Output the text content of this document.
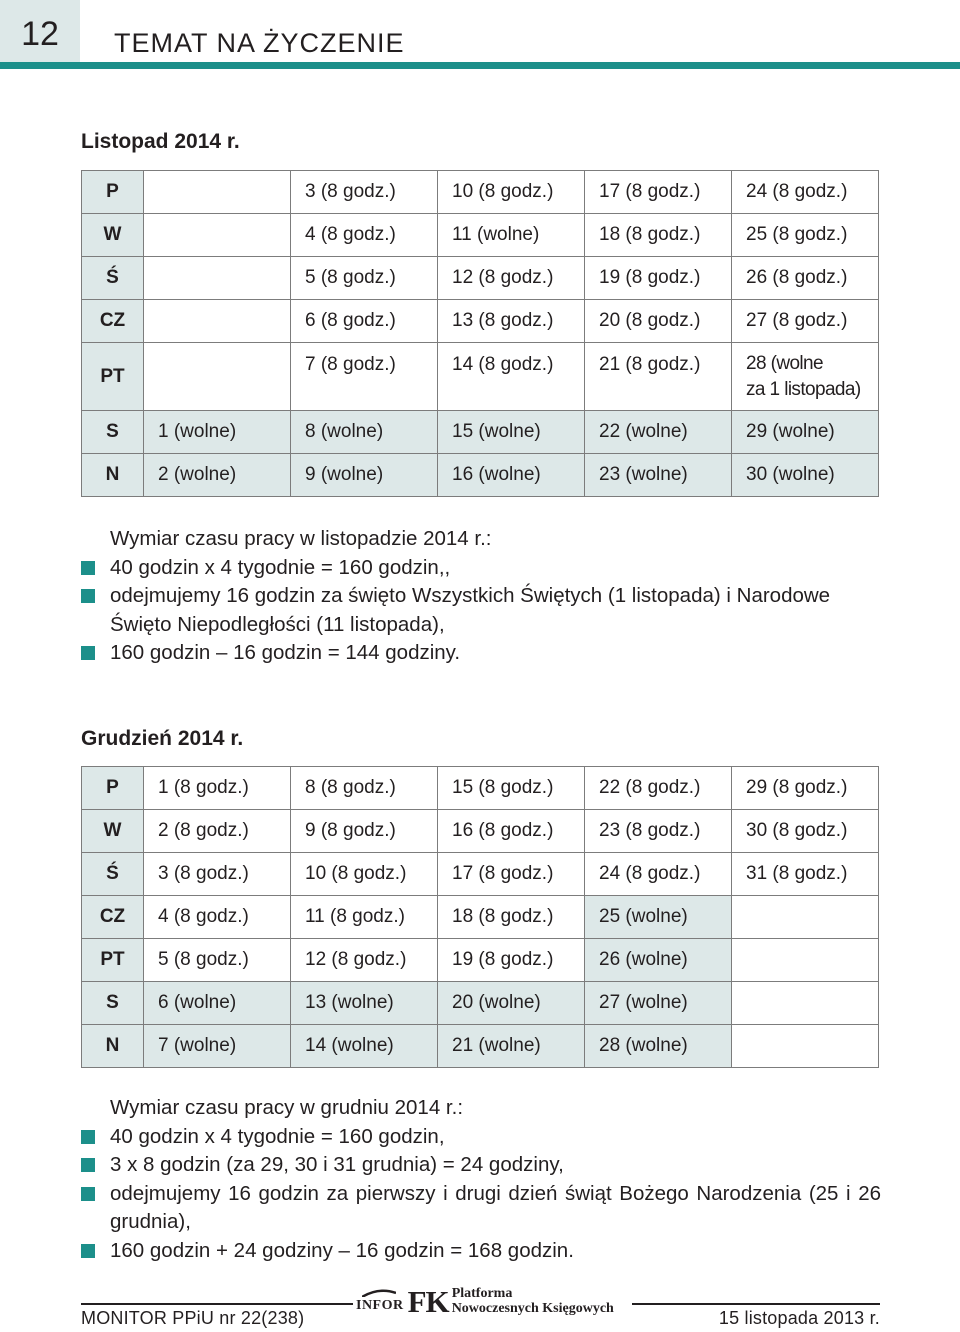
12	TEMAT NA ŻYCZENIE
Listopad 2014 r.
P		3 (8 godz.)	10 (8 godz.)	17 (8 godz.)	24 (8 godz.)
W		4 (8 godz.)	11 (wolne)	18 (8 godz.)	25 (8 godz.)
Ś		5 (8 godz.)	12 (8 godz.)	19 (8 godz.)	26 (8 godz.)
CZ		6 (8 godz.)	13 (8 godz.)	20 (8 godz.)	27 (8 godz.)
PT		7 (8 godz.)	14 (8 godz.)	21 (8 godz.)	28 (wolne
za 1 listopada)

S	1 (wolne)	8 (wolne)	15 (wolne)	22 (wolne)	29 (wolne)
N	2 (wolne)	9 (wolne)	16 (wolne)	23 (wolne)	30 (wolne)
Wymiar czasu pracy w listopadzie 2014 r.:
40 godzin x 4 tygodnie = 160 godzin,,
odejmujemy 16 godzin za święto Wszystkich Świętych (1 listopada) i Narodowe Święto Niepodległości (11 listopada),
160 godzin – 16 godzin = 144 godziny.
Grudzień 2014 r.
P	1 (8 godz.)	8 (8 godz.)	15 (8 godz.)	22 (8 godz.)	29 (8 godz.)
W	2 (8 godz.)	9 (8 godz.)	16 (8 godz.)	23 (8 godz.)	30 (8 godz.)
Ś	3 (8 godz.)	10 (8 godz.)	17 (8 godz.)	24 (8 godz.)	31 (8 godz.)
CZ	4 (8 godz.)	11 (8 godz.)	18 (8 godz.)	25 (wolne)	
PT	5 (8 godz.)	12 (8 godz.)	19 (8 godz.)	26 (wolne)	
S	6 (wolne)	13 (wolne)	20 (wolne)	27 (wolne)	
N	7 (wolne)	14 (wolne)	21 (wolne)	28 (wolne)	
Wymiar czasu pracy w grudniu 2014 r.:
40 godzin x 4 tygodnie = 160 godzin,
3 x 8 godzin (za 29, 30 i 31 grudnia) = 24 godziny,
odejmujemy 16 godzin za pierwszy i drugi dzień świąt Bożego Narodzenia (25 i 26 grudnia),
160 godzin + 24 godziny – 16 godzin = 168 godzin.
INFOR FK Platforma
Nowoczesnych Księgowych
MONITOR PPiU nr 22(238)	15 listopada 2013 r.
